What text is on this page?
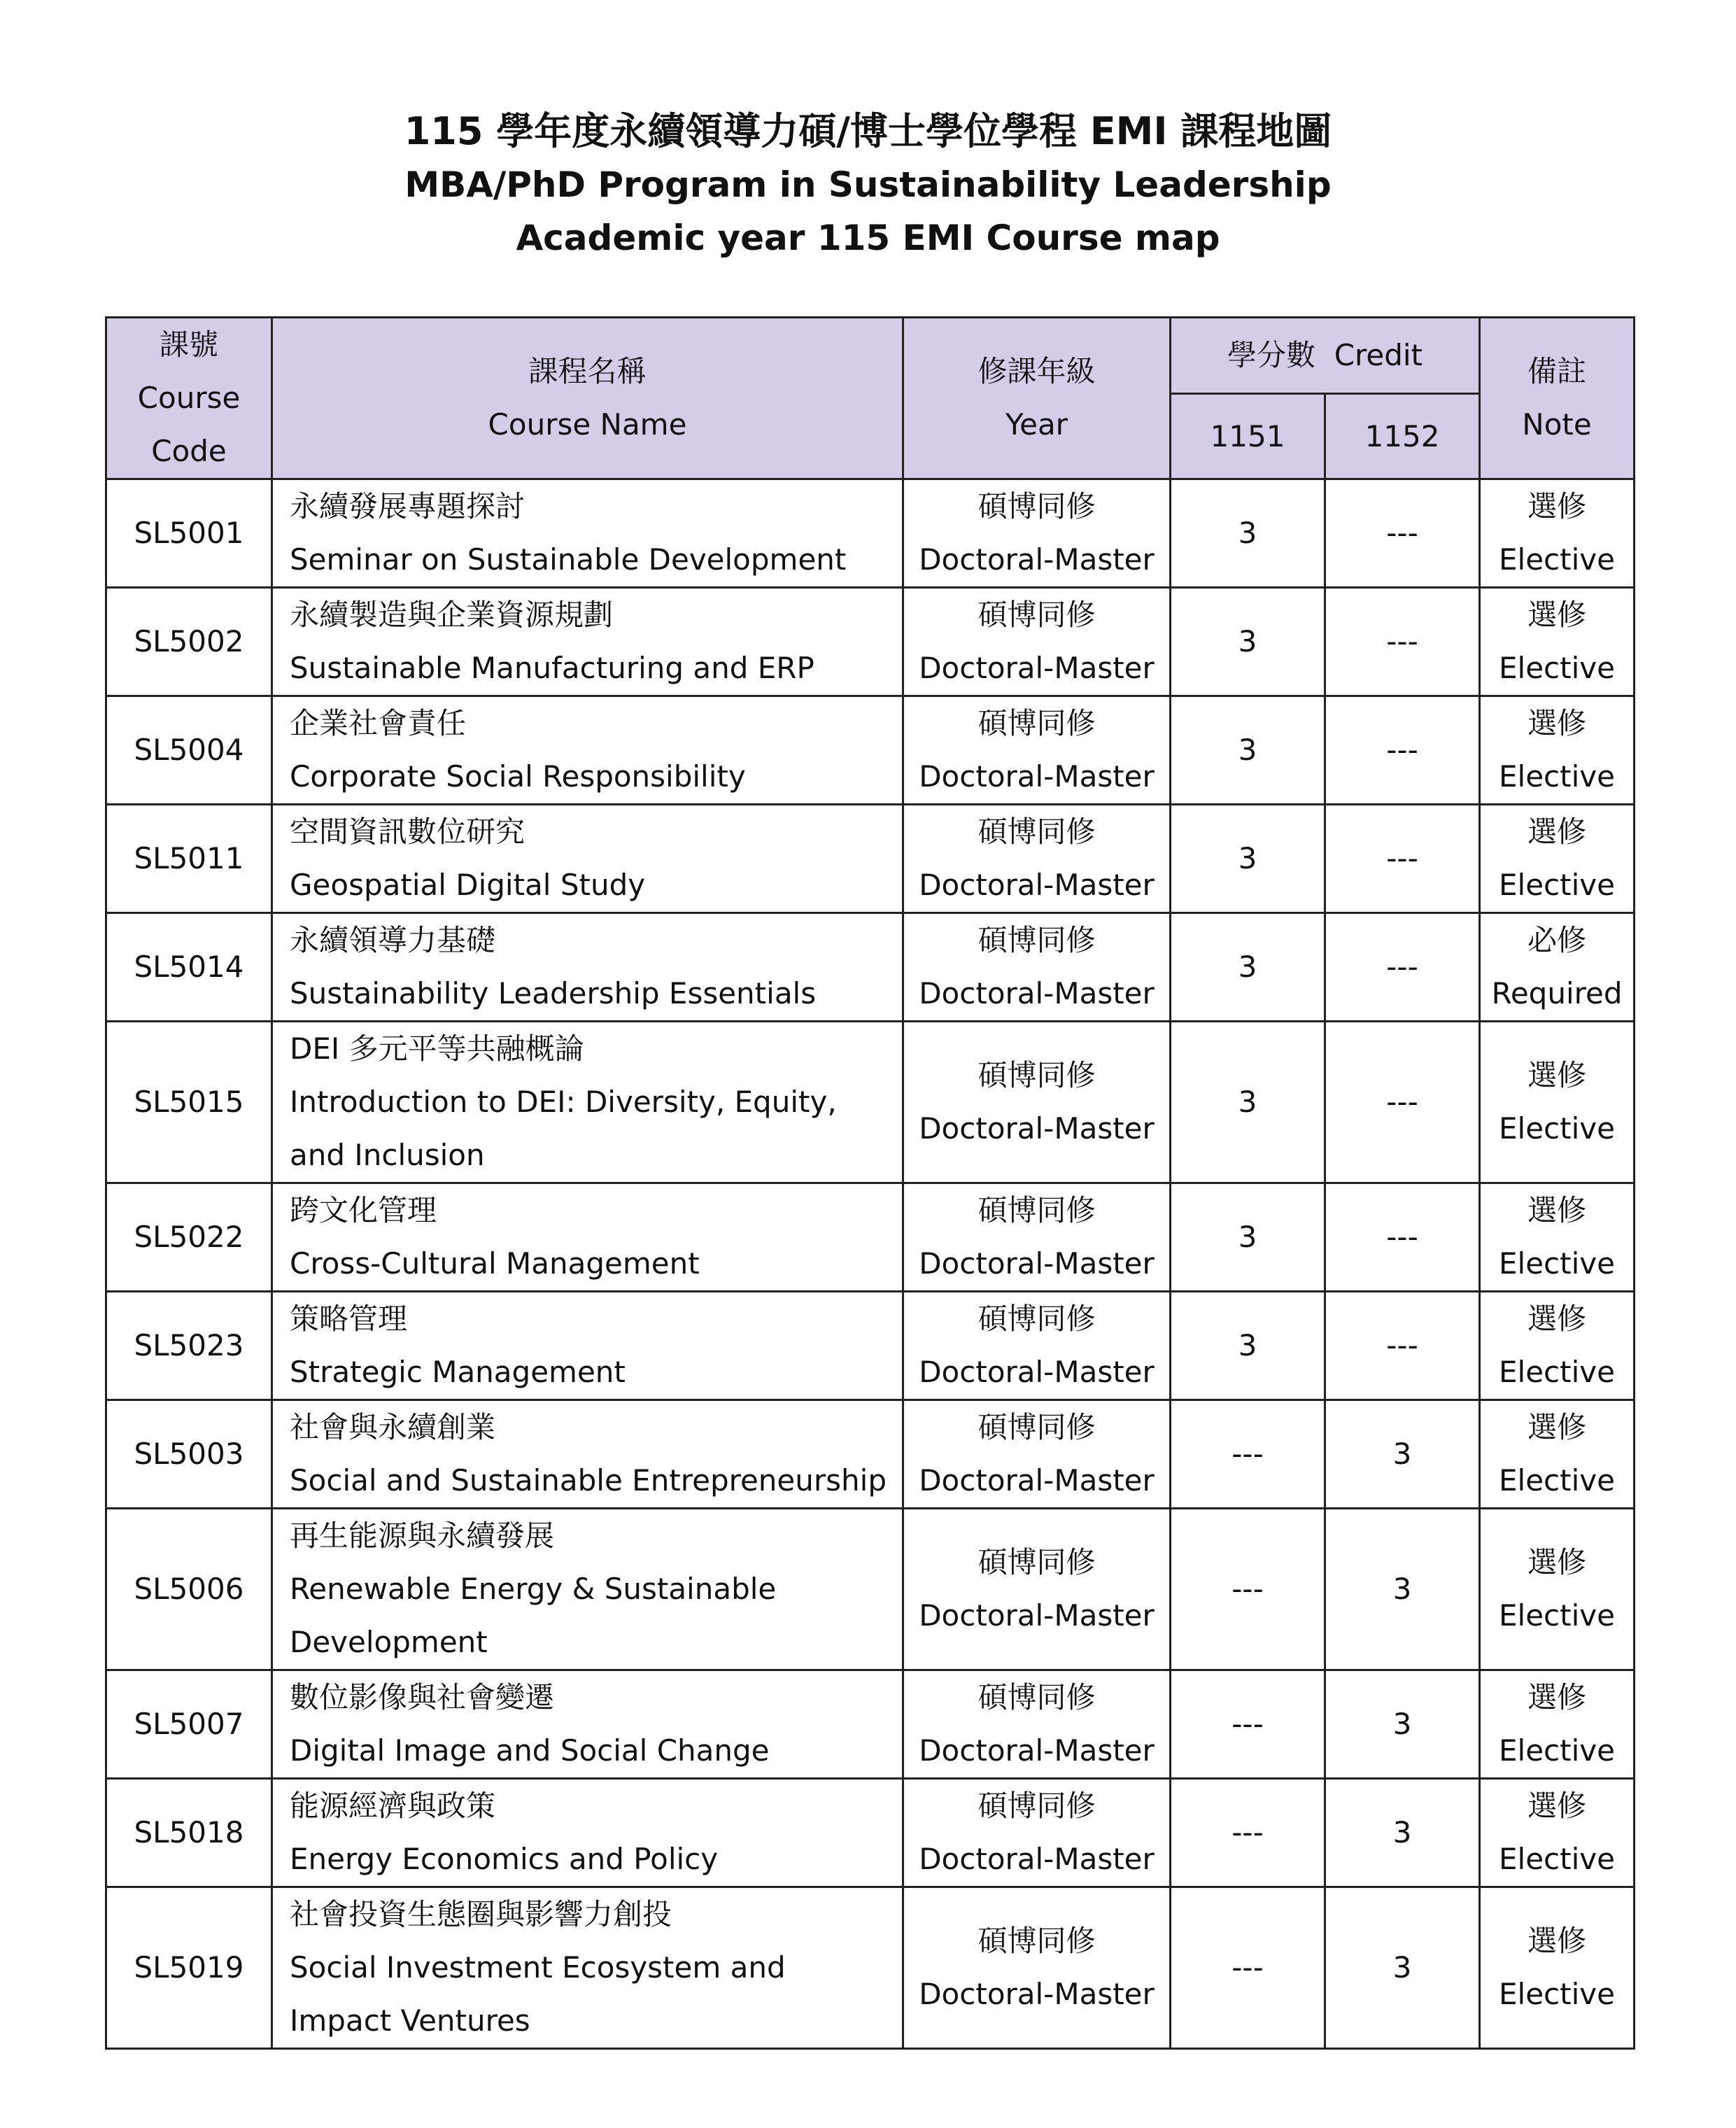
115 學年度永續領導力碩/博士學位學程 EMI 課程地圖
MBA/PhD Program in Sustainability Leadership
Academic year 115 EMI Course map
課號
Course
Code	課程名稱
Course Name	修課年級
Year	學分數  Credit		備註
Note

			1151	1152	
SL5001	永續發展專題探討
Seminar on Sustainable Development	碩博同修
Doctoral-Master	3	---	選修
Elective

SL5002	永續製造與企業資源規劃
Sustainable Manufacturing and ERP	碩博同修
Doctoral-Master	3	---	選修
Elective

SL5004	企業社會責任
Corporate Social Responsibility	碩博同修
Doctoral-Master	3	---	選修
Elective

SL5011	空間資訊數位研究
Geospatial Digital Study	碩博同修
Doctoral-Master	3	---	選修
Elective

SL5014	永續領導力基礎
Sustainability Leadership Essentials	碩博同修
Doctoral-Master	3	---	必修
Required

SL5015	DEI 多元平等共融概論
Introduction to DEI: Diversity, Equity, and Inclusion	碩博同修
Doctoral-Master	3	---	選修
Elective

SL5022	跨文化管理
Cross-Cultural Management	碩博同修
Doctoral-Master	3	---	選修
Elective

SL5023	策略管理
Strategic Management	碩博同修
Doctoral-Master	3	---	選修
Elective

SL5003	社會與永續創業
Social and Sustainable Entrepreneurship	碩博同修
Doctoral-Master	---	3	選修
Elective

SL5006	再生能源與永續發展
Renewable Energy & Sustainable Development	碩博同修
Doctoral-Master	---	3	選修
Elective

SL5007	數位影像與社會變遷
Digital Image and Social Change	碩博同修
Doctoral-Master	---	3	選修
Elective

SL5018	能源經濟與政策
Energy Economics and Policy	碩博同修
Doctoral-Master	---	3	選修
Elective

SL5019	社會投資生態圈與影響力創投
Social Investment Ecosystem and Impact Ventures	碩博同修
Doctoral-Master	---	3	選修
Elective
